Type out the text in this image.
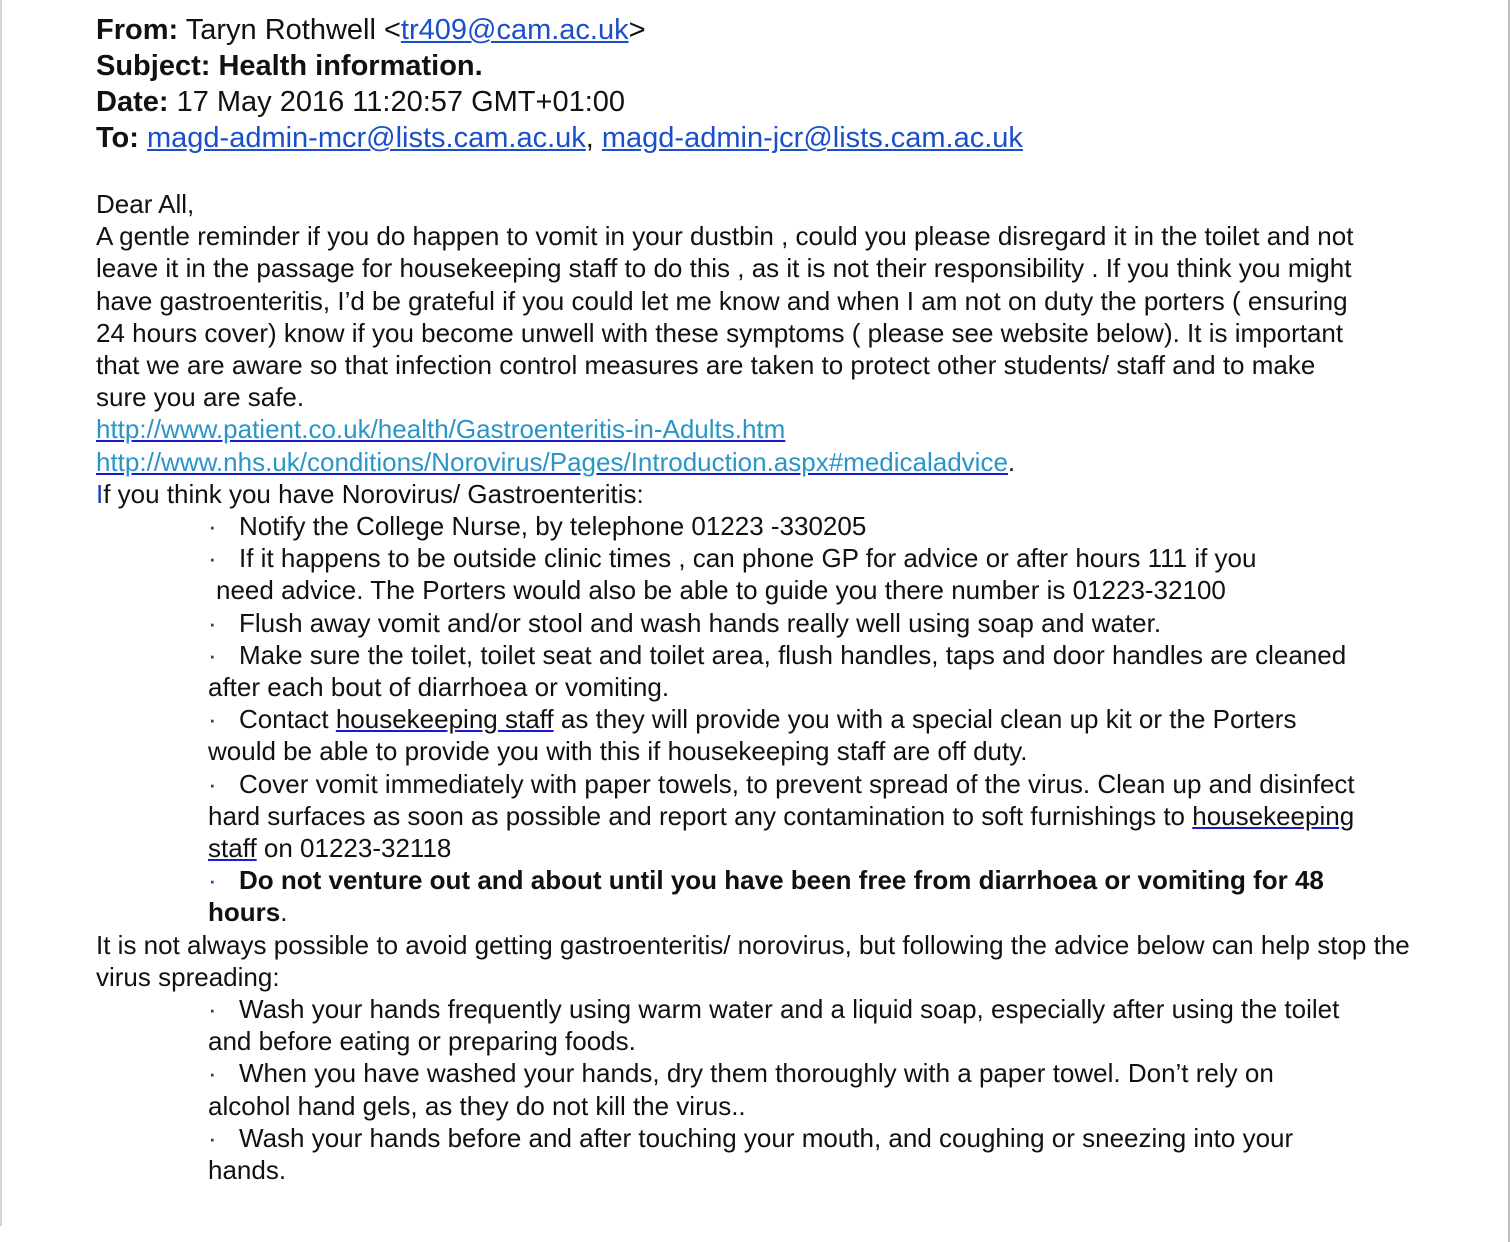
From: Taryn Rothwell <tr409@cam.ac.uk>
Subject: Health information.
Date: 17 May 2016 11:20:57 GMT+01:00
To: magd-admin-mcr@lists.cam.ac.uk, magd-admin-jcr@lists.cam.ac.uk

Dear All,

A gentle reminder if you do happen to vomit in your dustbin , could you please disregard it in the toilet and not leave it in the passage for housekeeping staff to do this , as it is not their responsibility . If you think you might have gastroenteritis, I’d be grateful if you could let me know and when I am not on duty the porters ( ensuring 24 hours cover) know if you become unwell with these symptoms ( please see website below). It is important that we are aware so that infection control measures are taken to protect other students/ staff and to make sure you are safe.

http://www.patient.co.uk/health/Gastroenteritis-in-Adults.htm
http://www.nhs.uk/conditions/Norovirus/Pages/Introduction.aspx#medicaladvice.

If you think you have Norovirus/ Gastroenteritis:

· Notify the College Nurse, by telephone 01223 -330205
· If it happens to be outside clinic times , can phone GP for advice or after hours 111 if you
need advice. The Porters would also be able to guide you there number is 01223-32100
· Flush away vomit and/or stool and wash hands really well using soap and water.
· Make sure the toilet, toilet seat and toilet area, flush handles, taps and door handles are cleaned after each bout of diarrhoea or vomiting.
· Contact housekeeping staff as they will provide you with a special clean up kit or the Porters would be able to provide you with this if housekeeping staff are off duty.
· Cover vomit immediately with paper towels, to prevent spread of the virus. Clean up and disinfect hard surfaces as soon as possible and report any contamination to soft furnishings to housekeeping staff on 01223-32118
· Do not venture out and about until you have been free from diarrhoea or vomiting for 48 hours.

It is not always possible to avoid getting gastroenteritis/ norovirus, but following the advice below can help stop the virus spreading:

· Wash your hands frequently using warm water and a liquid soap, especially after using the toilet and before eating or preparing foods.
· When you have washed your hands, dry them thoroughly with a paper towel. Don’t rely on alcohol hand gels, as they do not kill the virus..
· Wash your hands before and after touching your mouth, and coughing or sneezing into your hands.
